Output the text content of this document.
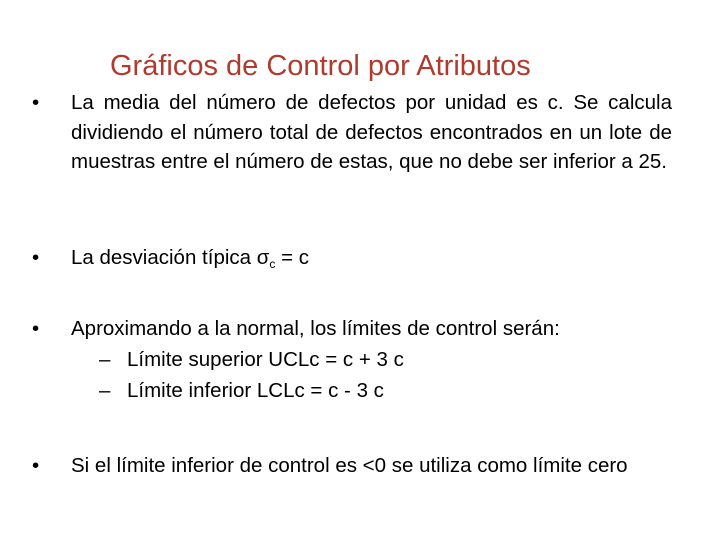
Gráficos de Control por Atributos
• La media del número de defectos por unidad es c. Se calcula dividiendo el número total de defectos encontrados en un lote de muestras entre el número de estas, que no debe ser inferior a 25.
• La desviación típica σc = c
• Aproximando a la normal, los límites de control serán:
– Límite superior UCLc = c + 3 c
– Límite inferior LCLc = c - 3 c
• Si el límite inferior de control es <0 se utiliza como límite cero
